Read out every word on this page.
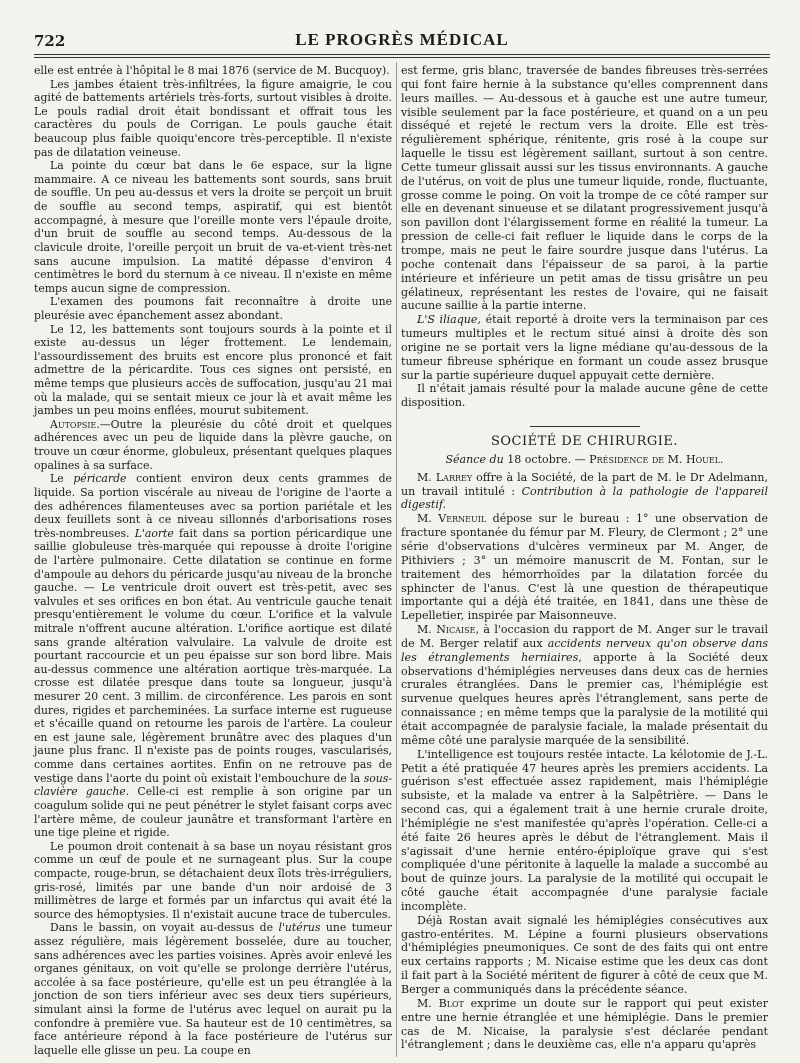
722	LE PROGRÈS MÉDICAL

elle est entrée à l'hôpital le 8 mai 1876 (service de M. Bucquoy).

Les jambes étaient très-infiltrées, la figure amaigrie, le cou agité de battements artériels très-forts, surtout visibles à droite. Le pouls radial droit était bondissant et offrait tous les caractères du pouls de Corrigan. Le pouls gauche était beaucoup plus faible quoiqu'encore très-perceptible. Il n'existe pas de dilatation veineuse.

La pointe du cœur bat dans le 6e espace, sur la ligne mammaire. A ce niveau les battements sont sourds, sans bruit de souffle. Un peu au-dessus et vers la droite se perçoit un bruit de souffle au second temps, aspiratif, qui est bientôt accompagné, à mesure que l'oreille monte vers l'épaule droite, d'un bruit de souffle au second temps. Au-dessous de la clavicule droite, l'oreille perçoit un bruit de va-et-vient très-net sans aucune impulsion. La matité dépasse d'environ 4 centimètres le bord du sternum à ce niveau. Il n'existe en même temps aucun signe de compression.

L'examen des poumons fait reconnaître à droite une pleurésie avec épanchement assez abondant.

Le 12, les battements sont toujours sourds à la pointe et il existe au-dessus un léger frottement. Le lendemain, l'assourdissement des bruits est encore plus prononcé et fait admettre de la péricardite. Tous ces signes ont persisté, en même temps que plusieurs accès de suffocation, jusqu'au 21 mai où la malade, qui se sentait mieux ce jour là et avait même les jambes un peu moins enflées, mourut subitement.

Autopsie.—Outre la pleurésie du côté droit et quelques adhérences avec un peu de liquide dans la plèvre gauche, on trouve un cœur énorme, globuleux, présentant quelques plaques opalines à sa surface.

Le péricarde contient environ deux cents grammes de liquide. Sa portion viscérale au niveau de l'origine de l'aorte a des adhérences filamenteuses avec sa portion pariétale et les deux feuillets sont à ce niveau sillonnés d'arborisations roses très-nombreuses. L'aorte fait dans sa portion péricardique une saillie globuleuse très-marquée qui repousse à droite l'origine de l'artère pulmonaire. Cette dilatation se continue en forme d'ampoule au dehors du péricarde jusqu'au niveau de la bronche gauche. — Le ventricule droit ouvert est très-petit, avec ses valvules et ses orifices en bon état. Au ventricule gauche tenait presqu'entièrement le volume du cœur. L'orifice et la valvule mitrale n'offrent aucune altération. L'orifice aortique est dilaté sans grande altération valvulaire. La valvule de droite est pourtant raccourcie et un peu épaisse sur son bord libre. Mais au-dessus commence une altération aortique très-marquée. La crosse est dilatée presque dans toute sa longueur, jusqu'à mesurer 20 cent. 3 millim. de circonférence. Les parois en sont dures, rigides et parcheminées. La surface interne est rugueuse et s'écaille quand on retourne les parois de l'artère. La couleur en est jaune sale, légèrement brunâtre avec des plaques d'un jaune plus franc. Il n'existe pas de points rouges, vascularisés, comme dans certaines aortites. Enfin on ne retrouve pas de vestige dans l'aorte du point où existait l'embouchure de la sous-clavière gauche. Celle-ci est remplie à son origine par un coagulum solide qui ne peut pénétrer le stylet faisant corps avec l'artère même, de couleur jaunâtre et transformant l'artère en une tige pleine et rigide.

Le poumon droit contenait à sa base un noyau résistant gros comme un œuf de poule et ne surnageant plus. Sur la coupe compacte, rouge-brun, se détachaient deux îlots très-irréguliers, gris-rosé, limités par une bande d'un noir ardoisé de 3 millimètres de large et formés par un infarctus qui avait été la source des hémoptysies. Il n'existait aucune trace de tubercules.

Dans le bassin, on voyait au-dessus de l'utérus une tumeur assez régulière, mais légèrement bosselée, dure au toucher, sans adhérences avec les parties voisines. Après avoir enlevé les organes génitaux, on voit qu'elle se prolonge derrière l'utérus, accolée à sa face postérieure, qu'elle est un peu étranglée à la jonction de son tiers inférieur avec ses deux tiers supérieurs, simulant ainsi la forme de l'utérus avec lequel on aurait pu la confondre à première vue. Sa hauteur est de 10 centimètres, sa face antérieure répond à la face postérieure de l'utérus sur laquelle elle glisse un peu. La coupe en

est ferme, gris blanc, traversée de bandes fibreuses très-serrées qui font faire hernie à la substance qu'elles comprennent dans leurs mailles. — Au-dessous et à gauche est une autre tumeur, visible seulement par la face postérieure, et quand on a un peu disséqué et rejeté le rectum vers la droite. Elle est très-régulièrement sphérique, rénitente, gris rosé à la coupe sur laquelle le tissu est légèrement saillant, surtout à son centre. Cette tumeur glissait aussi sur les tissus environnants. A gauche de l'utérus, on voit de plus une tumeur liquide, ronde, fluctuante, grosse comme le poing. On voit la trompe de ce côté ramper sur elle en devenant sinueuse et se dilatant progressivement jusqu'à son pavillon dont l'élargissement forme en réalité la tumeur. La pression de celle-ci fait refluer le liquide dans le corps de la trompe, mais ne peut le faire sourdre jusque dans l'utérus. La poche contenait dans l'épaisseur de sa paroi, à la partie intérieure et inférieure un petit amas de tissu grisâtre un peu gélatineux, représentant les restes de l'ovaire, qui ne faisait aucune saillie à la partie interne.

L'S iliaque, était reporté à droite vers la terminaison par ces tumeurs multiples et le rectum situé ainsi à droite dès son origine ne se portait vers la ligne médiane qu'au-dessous de la tumeur fibreuse sphérique en formant un coude assez brusque sur la partie supérieure duquel appuyait cette dernière.

Il n'était jamais résulté pour la malade aucune gêne de cette disposition.

SOCIÉTÉ DE CHIRURGIE.
Séance du 18 octobre. — Présidence de M. Houel.

M. Larrey offre à la Société, de la part de M. le Dr Adelmann, un travail intitulé : Contribution à la pathologie de l'appareil digestif.

M. Verneuil dépose sur le bureau : 1° une observation de fracture spontanée du fémur par M. Fleury, de Clermont ; 2° une série d'observations d'ulcères vermineux par M. Anger, de Pithiviers ; 3° un mémoire manuscrit de M. Fontan, sur le traitement des hémorrhoïdes par la dilatation forcée du sphincter de l'anus. C'est là une question de thérapeutique importante qui a déjà été traitée, en 1841, dans une thèse de Lepelletier, inspirée par Maisonneuve.

M. Nicaise, à l'occasion du rapport de M. Anger sur le travail de M. Berger relatif aux accidents nerveux qu'on observe dans les étranglements herniaires, apporte à la Société deux observations d'hémiplégies nerveuses dans deux cas de hernies crurales étranglées. Dans le premier cas, l'hémiplégie est survenue quelques heures après l'étranglement, sans perte de connaissance ; en même temps que la paralysie de la motilité qui était accompagnée de paralysie faciale, la malade présentait du même côté une paralysie marquée de la sensibilité.

L'intelligence est toujours restée intacte. La kélotomie de J.-L. Petit a été pratiquée 47 heures après les premiers accidents. La guérison s'est effectuée assez rapidement, mais l'hémiplégie subsiste, et la malade va entrer à la Salpêtrière. — Dans le second cas, qui a également trait à une hernie crurale droite, l'hémiplégie ne s'est manifestée qu'après l'opération. Celle-ci a été faite 26 heures après le début de l'étranglement. Mais il s'agissait d'une hernie entéro-épiploïque grave qui s'est compliquée d'une péritonite à laquelle la malade a succombé au bout de quinze jours. La paralysie de la motilité qui occupait le côté gauche était accompagnée d'une paralysie faciale incomplète.

Déjà Rostan avait signalé les hémiplégies consécutives aux gastro-entérites. M. Lépine a fourni plusieurs observations d'hémiplégies pneumoniques. Ce sont de des faits qui ont entre eux certains rapports ; M. Nicaise estime que les deux cas dont il fait part à la Société méritent de figurer à côté de ceux que M. Berger a communiqués dans la précédente séance.

M. Blot exprime un doute sur le rapport qui peut exister entre une hernie étranglée et une hémiplégie. Dans le premier cas de M. Nicaise, la paralysie s'est déclarée pendant l'étranglement ; dans le deuxième cas, elle n'a apparu qu'après
